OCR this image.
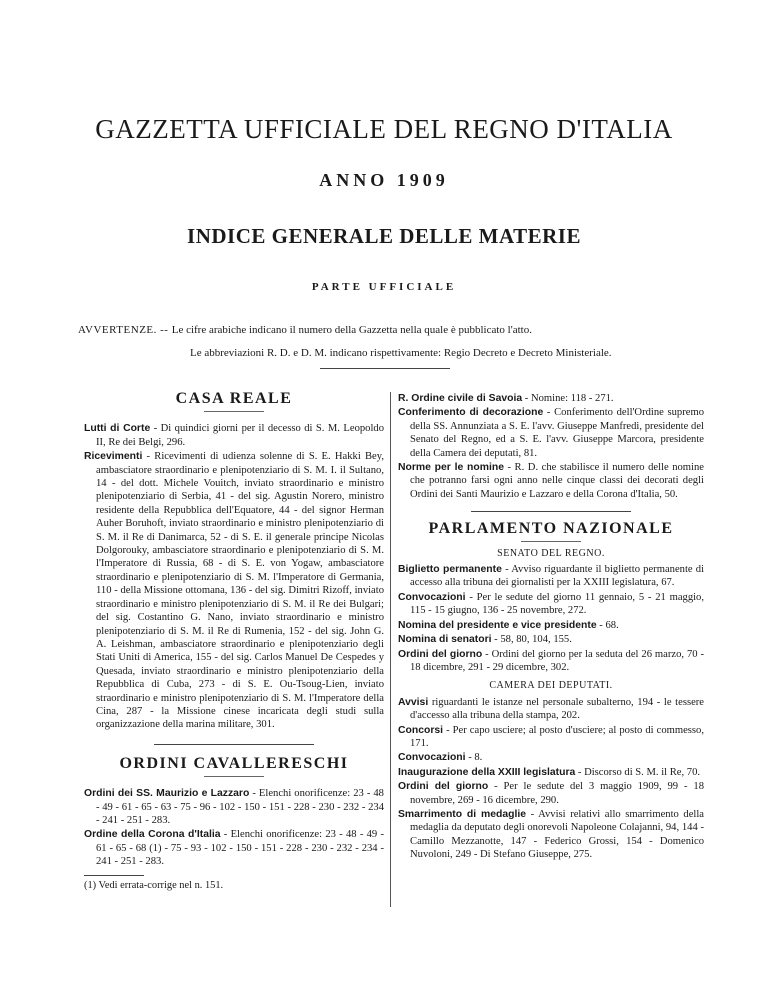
GAZZETTA UFFICIALE DEL REGNO D'ITALIA
ANNO 1909
INDICE GENERALE DELLE MATERIE
PARTE UFFICIALE
AVVERTENZE. -- Le cifre arabiche indicano il numero della Gazzetta nella quale è pubblicato l'atto.
Le abbreviazioni R. D. e D. M. indicano rispettivamente: Regio Decreto e Decreto Ministeriale.
CASA REALE

Lutti di Corte - Di quindici giorni per il decesso di S. M. Leopoldo II, Re dei Belgi, 296.

Ricevimenti - Ricevimenti di udienza solenne di S. E. Hakki Bey, ambasciatore straordinario e plenipotenziario di S. M. I. il Sultano, 14 - del dott. Michele Vouitch, inviato straordinario e ministro plenipotenziario di Serbia, 41 - del sig. Agustin Norero, ministro residente della Repubblica dell'Equatore, 44 - del signor Herman Auher Boruhoft, inviato straordinario e ministro plenipotenziario di S. M. il Re di Danimarca, 52 - di S. E. il generale principe Nicolas Dolgorouky, ambasciatore straordinario e plenipotenziario di S. M. l'Imperatore di Russia, 68 - di S. E. von Yogaw, ambasciatore straordinario e plenipotenziario di S. M. l'Imperatore di Germania, 110 - della Missione ottomana, 136 - del sig. Dimitri Rizoff, inviato straordinario e ministro plenipotenziario di S. M. il Re dei Bulgari; del sig. Costantino G. Nano, inviato straordinario e ministro plenipotenziario di S. M. il Re di Rumenia, 152 - del sig. John G. A. Leishman, ambasciatore straordinario e plenipotenziario degli Stati Uniti di America, 155 - del sig. Carlos Manuel De Cespedes y Quesada, inviato straordinario e ministro plenipotenziario della Repubblica di Cuba, 273 - di S. E. Ou-Tsoug-Lien, inviato straordinario e ministro plenipotenziario di S. M. l'Imperatore della Cina, 287 - la Missione cinese incaricata degli studi sulla organizzazione della marina militare, 301.

ORDINI CAVALLERESCHI

Ordini dei SS. Maurizio e Lazzaro - Elenchi onorificenze: 23 - 48 - 49 - 61 - 65 - 63 - 75 - 96 - 102 - 150 - 151 - 228 - 230 - 232 - 234 - 241 - 251 - 283.

Ordine della Corona d'Italia - Elenchi onorificenze: 23 - 48 - 49 - 61 - 65 - 68 (1) - 75 - 93 - 102 - 150 - 151 - 228 - 230 - 232 - 234 - 241 - 251 - 283.

(1) Vedi errata-corrige nel n. 151.

R. Ordine civile di Savoia - Nomine: 118 - 271.

Conferimento di decorazione - Conferimento dell'Ordine supremo della SS. Annunziata a S. E. l'avv. Giuseppe Manfredi, presidente del Senato del Regno, ed a S. E. l'avv. Giuseppe Marcora, presidente della Camera dei deputati, 81.

Norme per le nomine - R. D. che stabilisce il numero delle nomine che potranno farsi ogni anno nelle cinque classi dei decorati degli Ordini dei Santi Maurizio e Lazzaro e della Corona d'Italia, 50.

PARLAMENTO NAZIONALE
SENATO DEL REGNO.

Biglietto permanente - Avviso riguardante il biglietto permanente di accesso alla tribuna dei giornalisti per la XXIII legislatura, 67.

Convocazioni - Per le sedute del giorno 11 gennaio, 5 - 21 maggio, 115 - 15 giugno, 136 - 25 novembre, 272.

Nomina del presidente e vice presidente - 68.

Nomina di senatori - 58, 80, 104, 155.

Ordini del giorno - Ordini del giorno per la seduta del 26 marzo, 70 - 18 dicembre, 291 - 29 dicembre, 302.

CAMERA DEI DEPUTATI.

Avvisi riguardanti le istanze nel personale subalterno, 194 - le tessere d'accesso alla tribuna della stampa, 202.

Concorsi - Per capo usciere; al posto d'usciere; al posto di commesso, 171.

Convocazioni - 8.

Inaugurazione della XXIII legislatura - Discorso di S. M. il Re, 70.

Ordini del giorno - Per le sedute del 3 maggio 1909, 99 - 18 novembre, 269 - 16 dicembre, 290.

Smarrimento di medaglie - Avvisi relativi allo smarrimento della medaglia da deputato degli onorevoli Napoleone Colajanni, 94, 144 - Camillo Mezzanotte, 147 - Federico Grossi, 154 - Domenico Nuvoloni, 249 - Di Stefano Giuseppe, 275.
